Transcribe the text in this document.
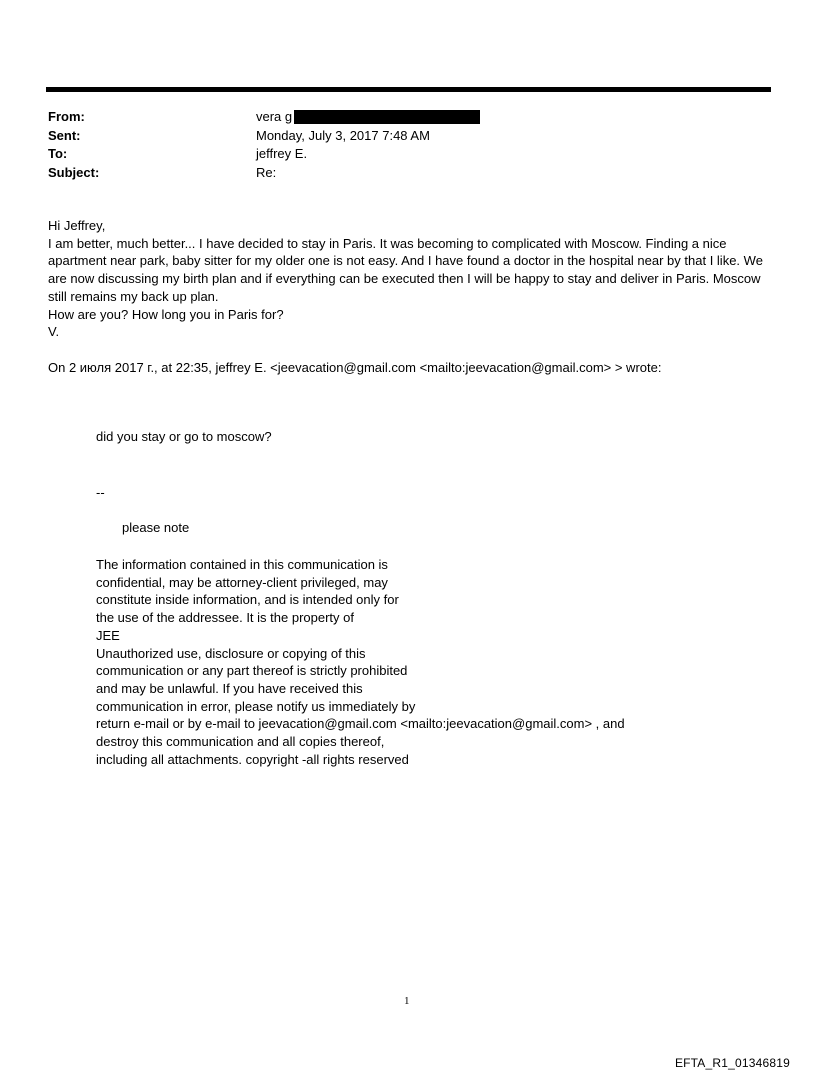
From:	vera g
Sent:	Monday, July 3, 2017 7:48 AM
To:	jeffrey E.
Subject:	Re:

Hi Jeffrey,

I am better, much better... I have decided to stay in Paris. It was becoming to complicated with Moscow. Finding a nice apartment near park, baby sitter for my older one is not easy. And I have found a doctor in the hospital near by that I like. We are now discussing my birth plan and if everything can be executed then I will be happy to stay and deliver in Paris. Moscow still remains my back up plan.

How are you? How long you in Paris for?

V.

On 2 июля 2017 г., at 22:35, jeffrey E. <jeevacation@gmail.com <mailto:jeevacation@gmail.com> > wrote:
did you stay or go to moscow?
--
please note
The information contained in this communication is
confidential, may be attorney-client privileged, may
constitute inside information, and is intended only for
the use of the addressee. It is the property of
JEE
Unauthorized use, disclosure or copying of this
communication or any part thereof is strictly prohibited
and may be unlawful. If you have received this
communication in error, please notify us immediately by
return e-mail or by e-mail to jeevacation@gmail.com <mailto:jeevacation@gmail.com> , and
destroy this communication and all copies thereof,
including all attachments. copyright -all rights reserved
1
EFTA_R1_01346819
